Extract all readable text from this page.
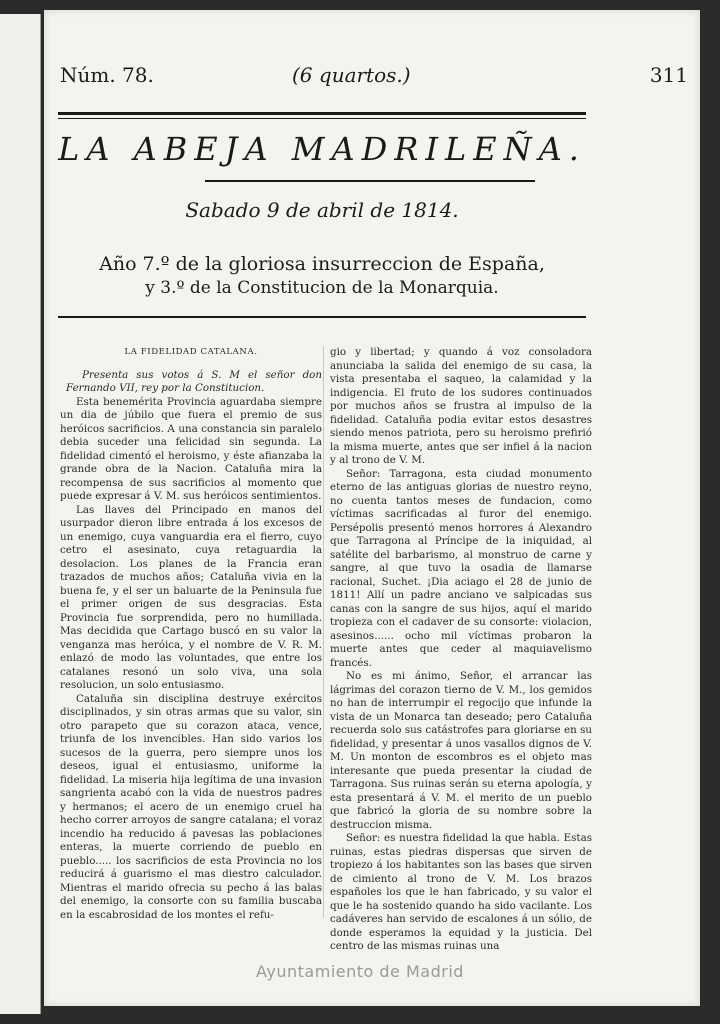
Núm. 78.	(6 quartos.)	311
LA ABEJA MADRILEÑA.
Sabado 9 de abril de 1814.
Año 7.º de la gloriosa insurreccion de España,
y 3.º de la Constitucion de la Monarquia.
LA FIDELIDAD CATALANA.

Presenta sus votos á S. M el señor don Fernando VII, rey por la Constitucion.

Esta benemérita Provincia aguardaba siempre un dia de júbilo que fuera el premio de sus heróicos sacrificios. A una constancia sin paralelo debia suceder una felicidad sin segunda. La fidelidad cimentó el heroismo, y éste afianzaba la grande obra de la Nacion. Cataluña mira la recompensa de sus sacrificios al momento que puede expresar á V. M. sus heróicos sentimientos.

Las llaves del Principado en manos del usurpador dieron libre entrada á los excesos de un enemigo, cuya vanguardia era el fierro, cuyo cetro el asesinato, cuya retaguardia la desolacion. Los planes de la Francia eran trazados de muchos años; Cataluña vivia en la buena fe, y el ser un baluarte de la Peninsula fue el primer origen de sus desgracias. Esta Provincia fue sorprendida, pero no humillada. Mas decidida que Cartago buscó en su valor la venganza mas heróica, y el nombre de V. R. M. enlazó de modo las voluntades, que entre los catalanes resonó un solo viva, una sola resolucion, un solo entusiasmo.

Cataluña sin disciplina destruye exércitos disciplinados, y sin otras armas que su valor, sin otro parapeto que su corazon ataca, vence, triunfa de los invencibles. Han sido varios los sucesos de la guerra, pero siempre unos los deseos, igual el entusiasmo, uniforme la fidelidad. La miseria hija legítima de una invasion sangrienta acabó con la vida de nuestros padres y hermanos; el acero de un enemigo cruel ha hecho correr arroyos de sangre catalana; el voraz incendio ha reducido á pavesas las poblaciones enteras, la muerte corriendo de pueblo en pueblo..... los sacrificios de esta Provincia no los reducirá á guarismo el mas diestro calculador. Mientras el marido ofrecia su pecho á las balas del enemigo, la consorte con su familia buscaba en la escabrosidad de los montes el refu-

gio y libertad; y quando á voz consoladora anunciaba la salida del enemigo de su casa, la vista presentaba el saqueo, la calamidad y la indigencia. El fruto de los sudores continuados por muchos años se frustra al impulso de la fidelidad. Cataluña podia evitar estos desastres siendo menos patriota, pero su heroismo prefirió la misma muerte, antes que ser infiel á la nacion y al trono de V. M.

Señor: Tarragona, esta ciudad monumento eterno de las antiguas glorias de nuestro reyno, no cuenta tantos meses de fundacion, como víctimas sacrificadas al furor del enemigo. Persépolis presentó menos horrores á Alexandro que Tarragona al Príncipe de la iniquidad, al satélite del barbarismo, al monstruo de carne y sangre, al que tuvo la osadia de llamarse racional, Suchet. ¡Dia aciago el 28 de junio de 1811! Allí un padre anciano ve salpicadas sus canas con la sangre de sus hijos, aquí el marido tropieza con el cadaver de su consorte: violacion, asesinos...... ocho mil víctimas probaron la muerte antes que ceder al maquiavelismo francés.

No es mi ánimo, Señor, el arrancar las lágrimas del corazon tierno de V. M., los gemidos no han de interrumpir el regocijo que infunde la vista de un Monarca tan deseado; pero Cataluña recuerda solo sus catástrofes para gloriarse en su fidelidad, y presentar á unos vasallos dignos de V. M. Un monton de escombros es el objeto mas interesante que pueda presentar la ciudad de Tarragona. Sus ruinas serán su eterna apología, y esta presentará á V. M. el merito de un pueblo que fabricó la gloria de su nombre sobre la destruccion misma.

Señor: es nuestra fidelidad la que habla. Estas ruinas, estas piedras dispersas que sirven de tropiezo á los habitantes son las bases que sirven de cimiento al trono de V. M. Los brazos españoles los que le han fabricado, y su valor el que le ha sostenido quando ha sido vacilante. Los cadáveres han servido de escalones á un sólio, de donde esperamos la equidad y la justicia. Del centro de las mismas ruinas una

Ayuntamiento de Madrid
